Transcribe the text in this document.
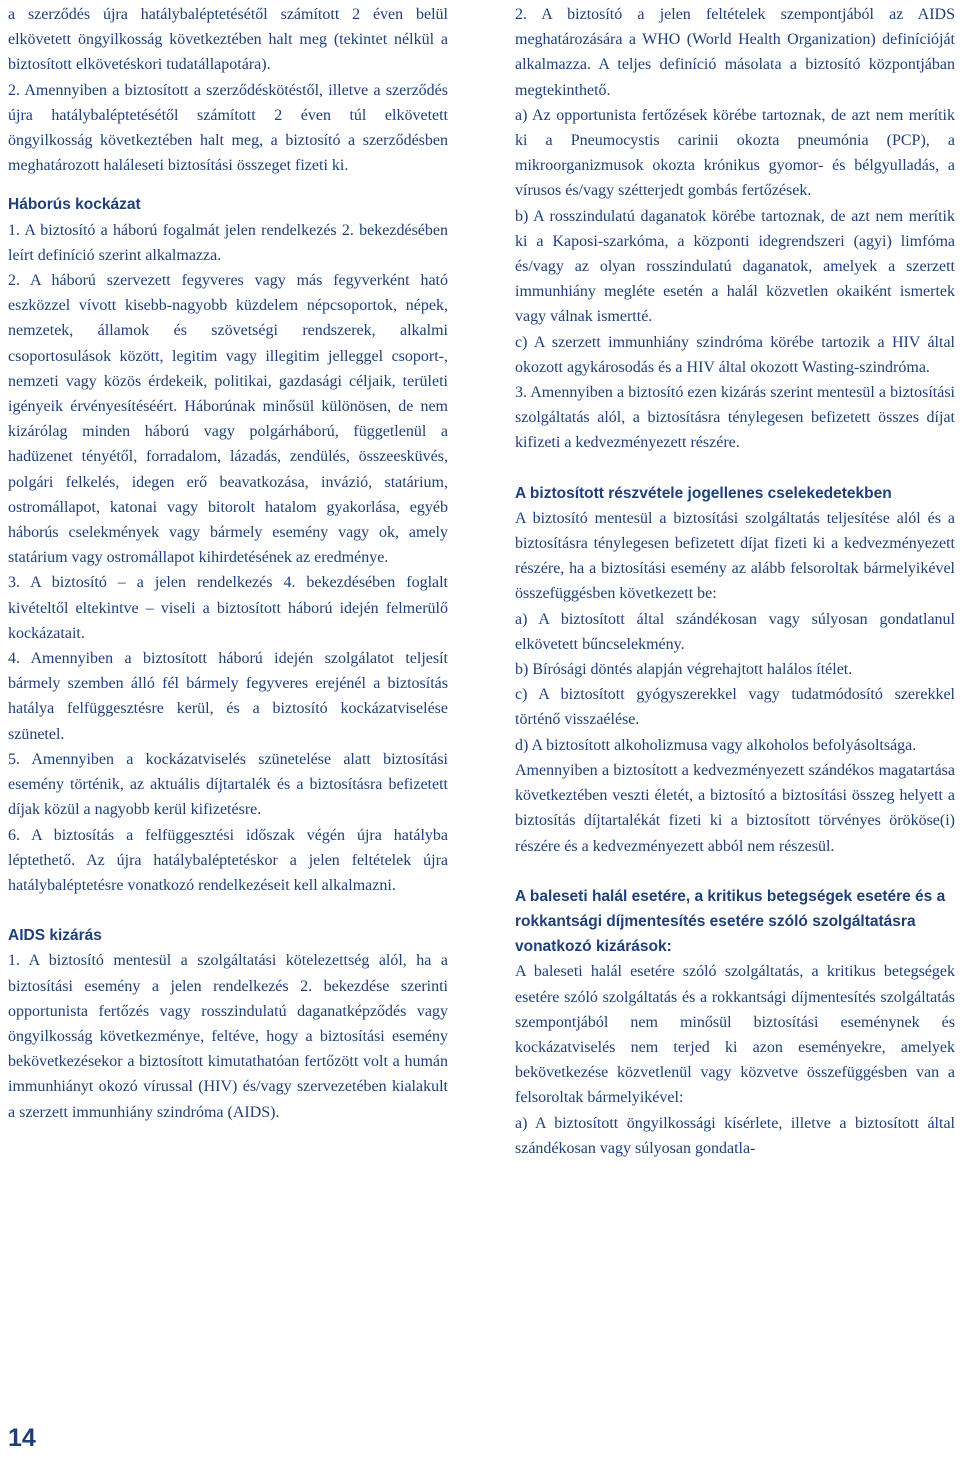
a szerződés újra hatálybaléptetésétől számított 2 éven belül elkövetett öngyilkosság következtében halt meg (tekintet nélkül a biztosított elkövetéskori tudatállapotára).

2. Amennyiben a biztosított a szerződéskötéstől, illetve a szerződés újra hatálybaléptetésétől számított 2 éven túl elkövetett öngyilkosság következtében halt meg, a biztosító a szerződésben meghatározott haláleseti biztosítási összeget fizeti ki.

Háborús kockázat

1. A biztosító a háború fogalmát jelen rendelkezés 2. bekezdésében leírt definíció szerint alkalmazza.

2. A háború szervezett fegyveres vagy más fegyverként ható eszközzel vívott kisebb-nagyobb küzdelem népcsoportok, népek, nemzetek, államok és szövetségi rendszerek, alkalmi csoportosulások között, legitim vagy illegitim jelleggel csoport-, nemzeti vagy közös érdekeik, politikai, gazdasági céljaik, területi igényeik érvényesítéséért. Háborúnak minősül különösen, de nem kizárólag minden háború vagy polgárháború, függetlenül a hadüzenet tényétől, forradalom, lázadás, zendülés, összeesküvés, polgári felkelés, idegen erő beavatkozása, invázió, statárium, ostromállapot, katonai vagy bitorolt hatalom gyakorlása, egyéb háborús cselekmények vagy bármely esemény vagy ok, amely statárium vagy ostromállapot kihirdetésének az eredménye.

3. A biztosító – a jelen rendelkezés 4. bekezdésében foglalt kivételtől eltekintve – viseli a biztosított háború idején felmerülő kockázatait.

4. Amennyiben a biztosított háború idején szolgálatot teljesít bármely szemben álló fél bármely fegyveres erejénél a biztosítás hatálya felfüggesztésre kerül, és a biztosító kockázatviselése szünetel.

5. Amennyiben a kockázatviselés szünetelése alatt biztosítási esemény történik, az aktuális díjtartalék és a biztosításra befizetett díjak közül a nagyobb kerül kifizetésre.

6. A biztosítás a felfüggesztési időszak végén újra hatályba léptethető. Az újra hatálybaléptetéskor a jelen feltételek újra hatálybaléptetésre vonatkozó rendelkezéseit kell alkalmazni.

AIDS kizárás

1. A biztosító mentesül a szolgáltatási kötelezettség alól, ha a biztosítási esemény a jelen rendelkezés 2. bekezdése szerinti opportunista fertőzés vagy rosszindulatú daganatképződés vagy öngyilkosság következménye, feltéve, hogy a biztosítási esemény bekövetkezésekor a biztosított kimutathatóan fertőzött volt a humán immunhiányt okozó vírussal (HIV) és/vagy szervezetében kialakult a szerzett immunhiány szindróma (AIDS).

2. A biztosító a jelen feltételek szempontjából az AIDS meghatározására a WHO (World Health Organization) definícióját alkalmazza. A teljes definíció másolata a biztosító központjában megtekinthető.

a) Az opportunista fertőzések körébe tartoznak, de azt nem merítik ki a Pneumocystis carinii okozta pneumónia (PCP), a mikroorganizmusok okozta krónikus gyomor- és bélgyulladás, a vírusos és/vagy szétterjedt gombás fertőzések.

b) A rosszindulatú daganatok körébe tartoznak, de azt nem merítik ki a Kaposi-szarkóma, a központi idegrendszeri (agyi) limfóma és/vagy az olyan rosszindulatú daganatok, amelyek a szerzett immunhiány megléte esetén a halál közvetlen okaiként ismertek vagy válnak ismertté.

c) A szerzett immunhiány szindróma körébe tartozik a HIV által okozott agykárosodás és a HIV által okozott Wasting-szindróma.

3. Amennyiben a biztosító ezen kizárás szerint mentesül a biztosítási szolgáltatás alól, a biztosításra ténylegesen befizetett összes díjat kifizeti a kedvezményezett részére.

A biztosított részvétele jogellenes cselekedetekben

A biztosító mentesül a biztosítási szolgáltatás teljesítése alól és a biztosításra ténylegesen befizetett díjat fizeti ki a kedvezményezett részére, ha a biztosítási esemény az alább felsoroltak bármelyikével összefüggésben következett be:

a) A biztosított által szándékosan vagy súlyosan gondatlanul elkövetett bűncselekmény.

b) Bírósági döntés alapján végrehajtott halálos ítélet.

c) A biztosított gyógyszerekkel vagy tudatmódosító szerekkel történő visszaélése.

d) A biztosított alkoholizmusa vagy alkoholos befolyásoltsága.

Amennyiben a biztosított a kedvezményezett szándékos magatartása következtében veszti életét, a biztosító a biztosítási összeg helyett a biztosítás díjtartalékát fizeti ki a biztosított törvényes örököse(i) részére és a kedvezményezett abból nem részesül.

A baleseti halál esetére, a kritikus betegségek esetére és a rokkantsági díjmentesítés esetére szóló szolgáltatásra vonatkozó kizárások:

A baleseti halál esetére szóló szolgáltatás, a kritikus betegségek esetére szóló szolgáltatás és a rokkantsági díjmentesítés szolgáltatás szempontjából nem minősül biztosítási eseménynek és kockázatviselés nem terjed ki azon eseményekre, amelyek bekövetkezése közvetlenül vagy közvetve összefüggésben van a felsoroltak bármelyikével:

a) A biztosított öngyilkossági kísérlete, illetve a biztosított által szándékosan vagy súlyosan gondatla-

14
